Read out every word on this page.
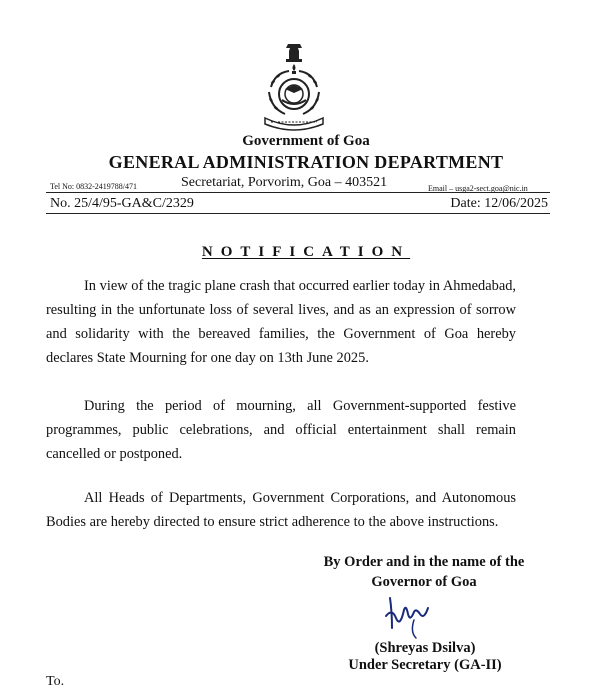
Government of Goa
GENERAL ADMINISTRATION DEPARTMENT
Tel No: 0832-2419788/471	Secretariat, Porvorim, Goa – 403521	Email – usga2-sect.goa@nic.in
No. 25/4/95-GA&C/2329	Date: 12/06/2025
NOTIFICATION
In view of the tragic plane crash that occurred earlier today in Ahmedabad, resulting in the unfortunate loss of several lives, and as an expression of sorrow and solidarity with the bereaved families, the Government of Goa hereby declares State Mourning for one day on 13th June 2025.
During the period of mourning, all Government-supported festive programmes, public celebrations, and official entertainment shall remain cancelled or postponed.
All Heads of Departments, Government Corporations, and Autonomous Bodies are hereby directed to ensure strict adherence to the above instructions.
By Order and in the name of the
Governor of Goa
(Shreyas Dsilva)
Under Secretary (GA-II)
To.
